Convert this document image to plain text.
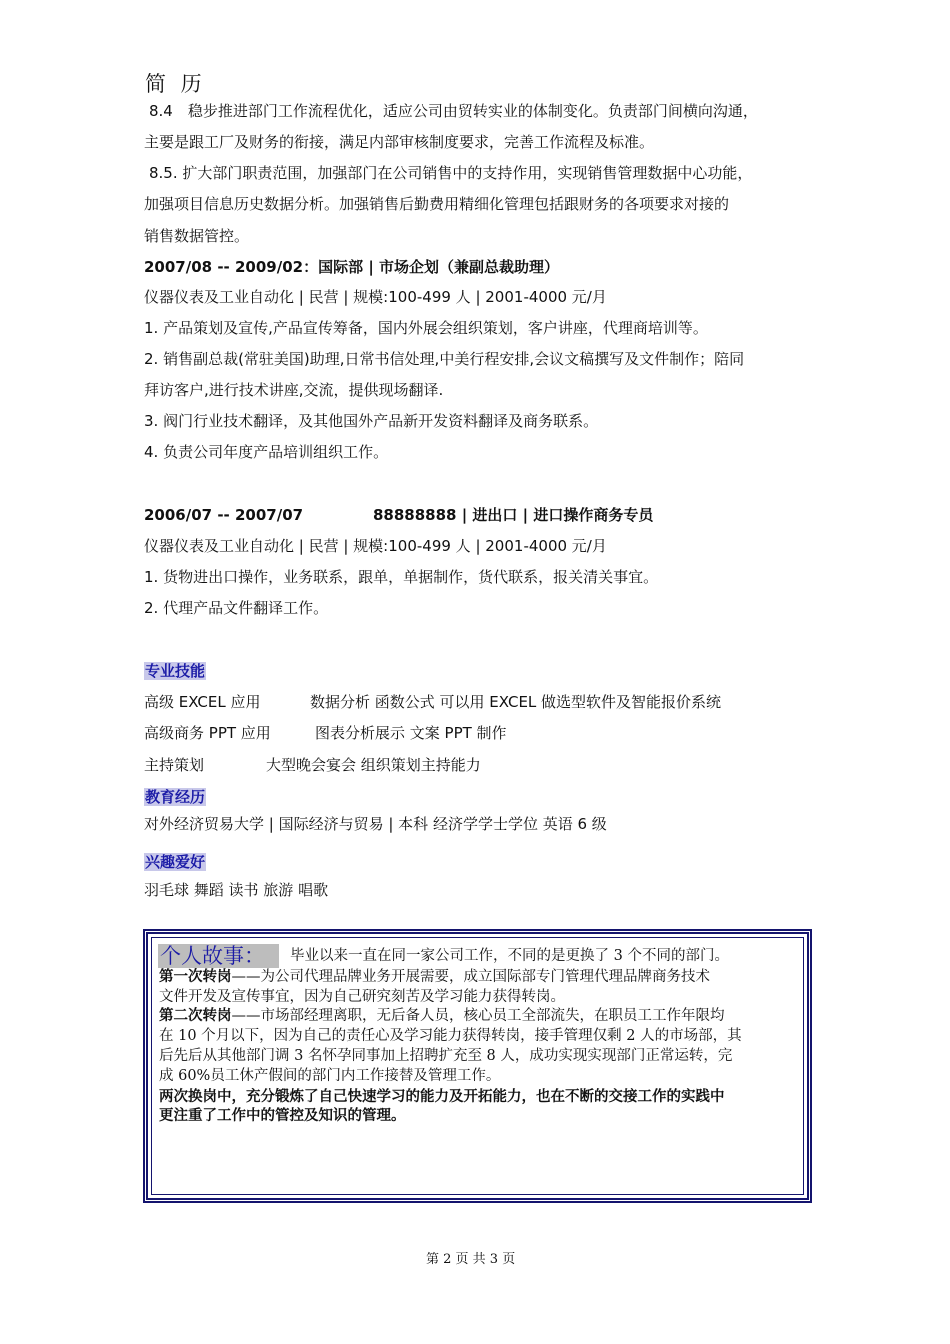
简 历
8.4　稳步推进部门工作流程优化，适应公司由贸转实业的体制变化。负责部门间横向沟通，
主要是跟工厂及财务的衔接，满足内部审核制度要求，完善工作流程及标准。
8.5. 扩大部门职责范围，加强部门在公司销售中的支持作用，实现销售管理数据中心功能，
加强项目信息历史数据分析。加强销售后勤费用精细化管理包括跟财务的各项要求对接的
销售数据管控。
2007/08 -- 2009/02：国际部 | 市场企划（兼副总裁助理）
仪器仪表及工业自动化 | 民营 | 规模:100-499 人 | 2001-4000 元/月
1. 产品策划及宣传,产品宣传筹备，国内外展会组织策划，客户讲座，代理商培训等。
2. 销售副总裁(常驻美国)助理,日常书信处理,中美行程安排,会议文稿撰写及文件制作；陪同
拜访客户,进行技术讲座,交流，提供现场翻译.
3. 阀门行业技术翻译，及其他国外产品新开发资料翻译及商务联系。
4. 负责公司年度产品培训组织工作。
2006/07 -- 2007/07	88888888 | 进出口 | 进口操作商务专员
仪器仪表及工业自动化 | 民营 | 规模:100-499 人 | 2001-4000 元/月
1. 货物进出口操作，业务联系，跟单，单据制作，货代联系，报关清关事宜。
2. 代理产品文件翻译工作。
专业技能
高级 EXCEL 应用	数据分析 函数公式 可以用 EXCEL 做选型软件及智能报价系统
高级商务 PPT 应用	图表分析展示 文案 PPT 制作
主持策划	大型晚会宴会 组织策划主持能力
教育经历
对外经济贸易大学 | 国际经济与贸易 | 本科 经济学学士学位 英语 6 级
兴趣爱好
羽毛球 舞蹈 读书 旅游 唱歌
个人故事：	毕业以来一直在同一家公司工作，不同的是更换了 3 个不同的部门。
第一次转岗——为公司代理品牌业务开展需要，成立国际部专门管理代理品牌商务技术
文件开发及宣传事宜，因为自己研究刻苦及学习能力获得转岗。
第二次转岗——市场部经理离职，无后备人员，核心员工全部流失，在职员工工作年限均
在 10 个月以下，因为自己的责任心及学习能力获得转岗，接手管理仅剩 2 人的市场部，其
后先后从其他部门调 3 名怀孕同事加上招聘扩充至 8 人，成功实现实现部门正常运转，完
成 60%员工休产假间的部门内工作接替及管理工作。
两次换岗中，充分锻炼了自己快速学习的能力及开拓能力，也在不断的交接工作的实践中
更注重了工作中的管控及知识的管理。
第 2 页 共 3 页
